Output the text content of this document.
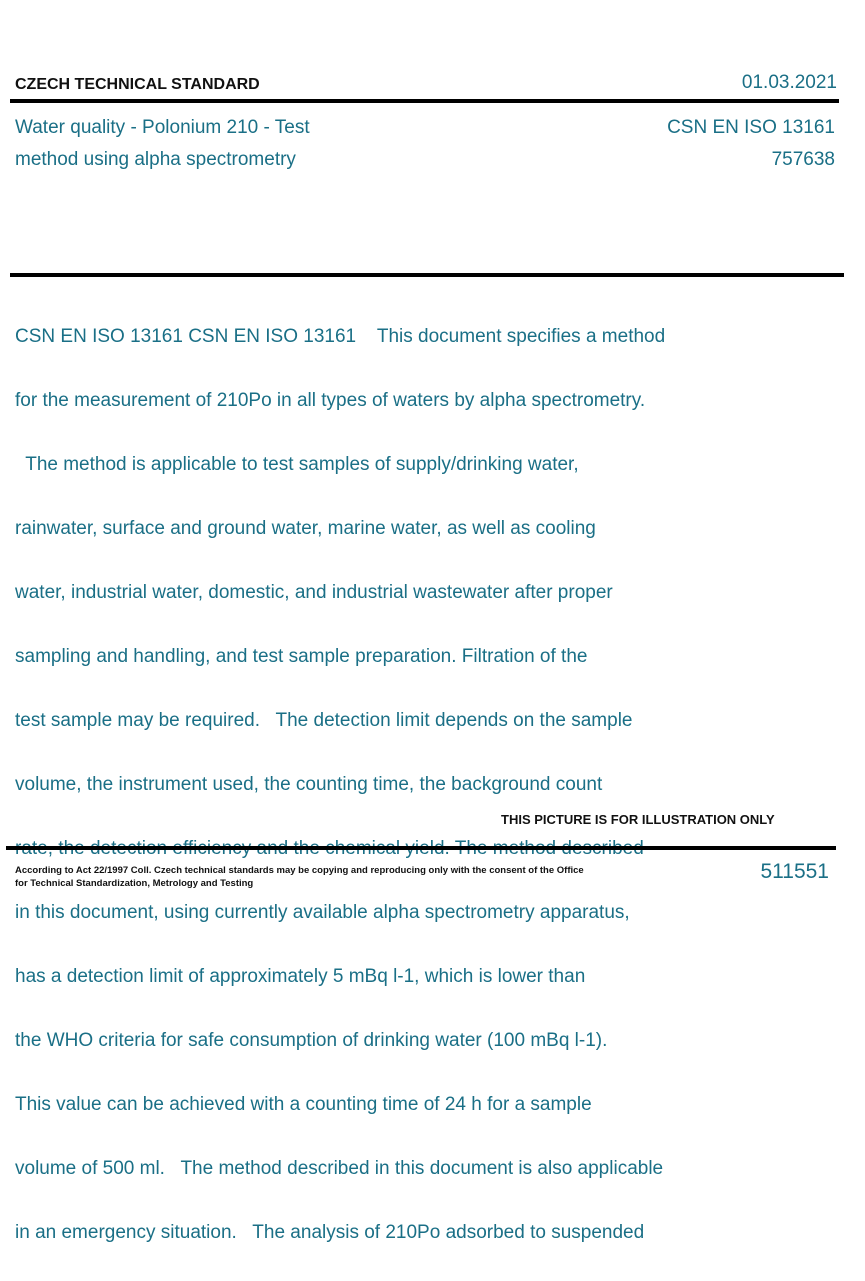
CZECH TECHNICAL STANDARD	01.03.2021
Water quality - Polonium 210 - Test
method using alpha spectrometry
CSN EN ISO 13161
757638

CSN EN ISO 13161 CSN EN ISO 13161    This document specifies a method

for the measurement of 210Po in all types of waters by alpha spectrometry.

The method is applicable to test samples of supply/drinking water,

rainwater, surface and ground water, marine water, as well as cooling

water, industrial water, domestic, and industrial wastewater after proper

sampling and handling, and test sample preparation. Filtration of the

test sample may be required.   The detection limit depends on the sample

volume, the instrument used, the counting time, the background count

in this document, using currently available alpha spectrometry apparatus,

has a detection limit of approximately 5 mBq l-1, which is lower than

the WHO criteria for safe consumption of drinking water (100 mBq l-1).

This value can be achieved with a counting time of 24 h for a sample

volume of 500 ml.   The method described in this document is also applicable

in an emergency situation.   The analysis of 210Po adsorbed to suspended

THIS PICTURE IS FOR ILLUSTRATION ONLY
According to Act 22/1997 Coll. Czech technical standards may be copying and reproducing only with the consent of the Office
for Technical Standardization, Metrology and Testing
511551
